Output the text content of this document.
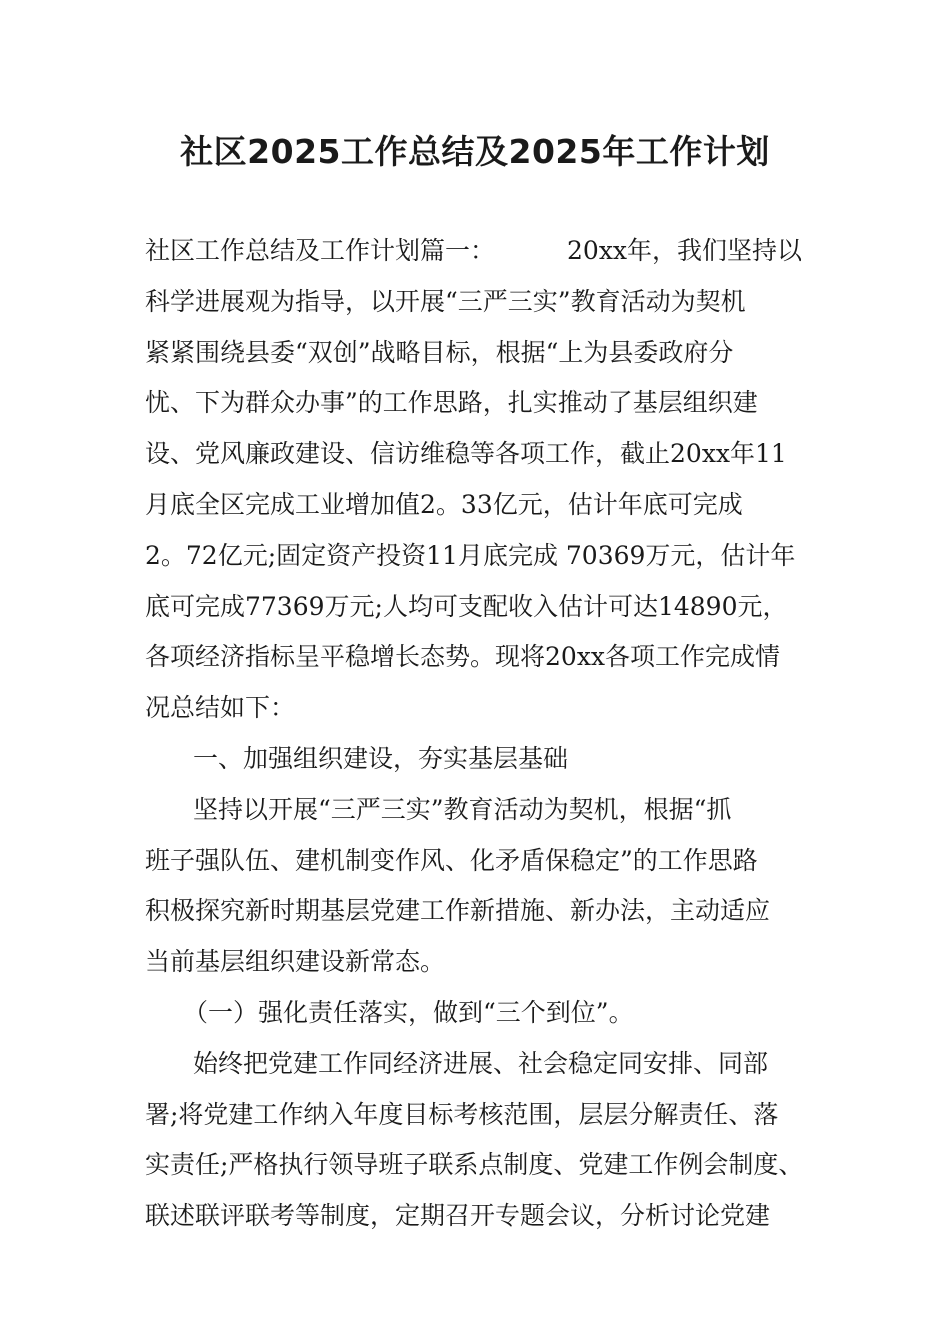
社区2025工作总结及2025年工作计划
社区工作总结及工作计划篇一：	20xx年，我们坚持以
科学进展观为指导，以开展“三严三实”教育活动为契机
紧紧围绕县委“双创”战略目标，根据“上为县委政府分
忧、下为群众办事”的工作思路，扎实推动了基层组织建
设、党风廉政建设、信访维稳等各项工作，截止20xx年11
月底全区完成工业增加值2。33亿元，估计年底可完成
2。72亿元;固定资产投资11月底完成 70369万元，估计年
底可完成77369万元;人均可支配收入估计可达14890元，
各项经济指标呈平稳增长态势。现将20xx各项工作完成情
况总结如下：
一、加强组织建设，夯实基层基础
坚持以开展“三严三实”教育活动为契机，根据“抓
班子强队伍、建机制变作风、化矛盾保稳定”的工作思路
积极探究新时期基层党建工作新措施、新办法，主动适应
当前基层组织建设新常态。
（一）强化责任落实，做到“三个到位”。
始终把党建工作同经济进展、社会稳定同安排、同部
署;将党建工作纳入年度目标考核范围，层层分解责任、落
实责任;严格执行领导班子联系点制度、党建工作例会制度、
联述联评联考等制度，定期召开专题会议，分析讨论党建
